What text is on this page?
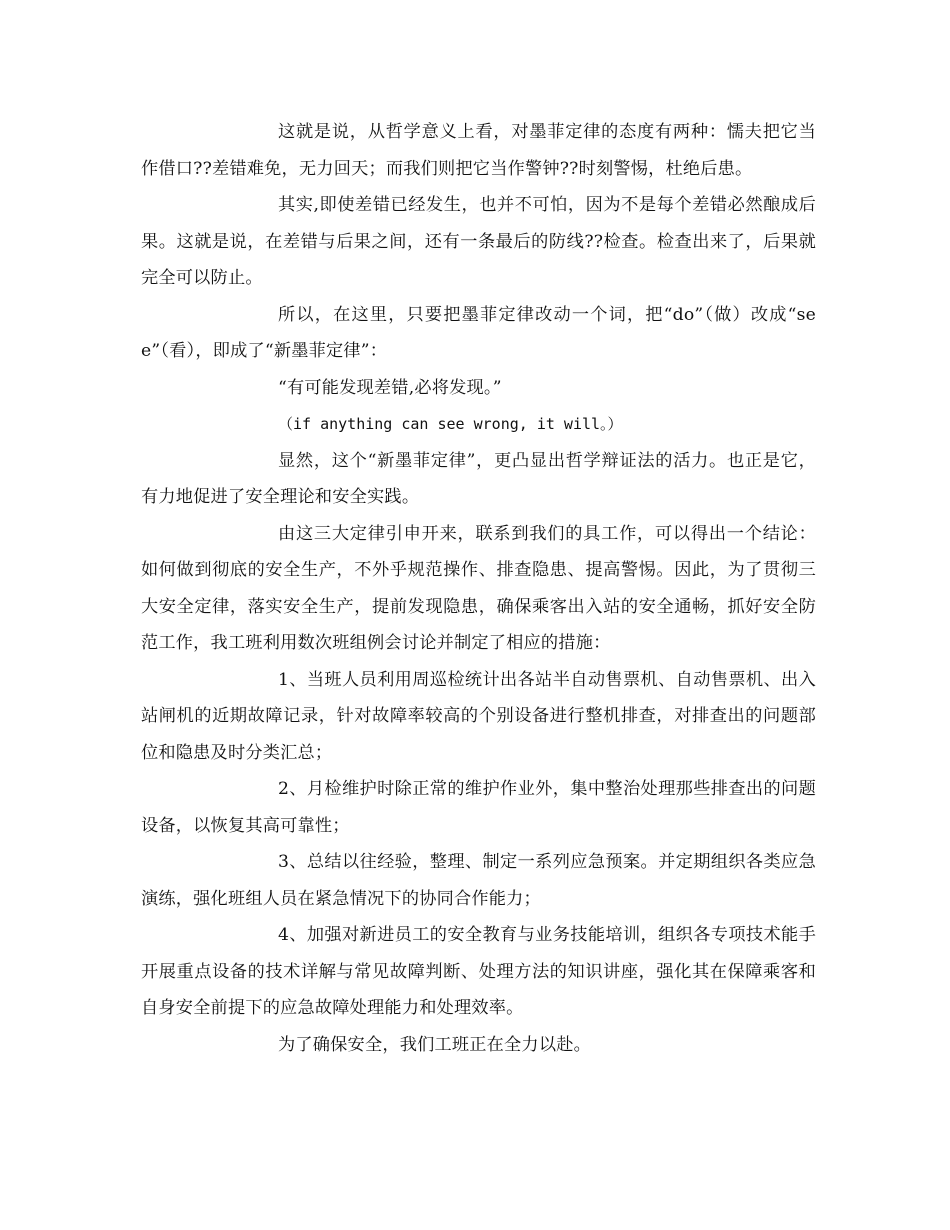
这就是说，从哲学意义上看，对墨菲定律的态度有两种：懦夫把它当作借口??差错难免，无力回天；而我们则把它当作警钟??时刻警惕，杜绝后患。

其实,即使差错已经发生，也并不可怕，因为不是每个差错必然酿成后果。这就是说，在差错与后果之间，还有一条最后的防线??检查。检查出来了，后果就完全可以防止。

所以，在这里，只要把墨菲定律改动一个词，把“do”（做）改成“see”（看），即成了“新墨菲定律”：

“有可能发现差错,必将发现。”

（if anything can see wrong, it will。）

显然，这个“新墨菲定律”，更凸显出哲学辩证法的活力。也正是它，有力地促进了安全理论和安全实践。

由这三大定律引申开来，联系到我们的具工作，可以得出一个结论：如何做到彻底的安全生产，不外乎规范操作、排查隐患、提高警惕。因此，为了贯彻三大安全定律，落实安全生产，提前发现隐患，确保乘客出入站的安全通畅，抓好安全防范工作，我工班利用数次班组例会讨论并制定了相应的措施：

1、当班人员利用周巡检统计出各站半自动售票机、自动售票机、出入站闸机的近期故障记录，针对故障率较高的个别设备进行整机排查，对排查出的问题部位和隐患及时分类汇总；

2、月检维护时除正常的维护作业外，集中整治处理那些排查出的问题设备，以恢复其高可靠性；

3、总结以往经验，整理、制定一系列应急预案。并定期组织各类应急演练，强化班组人员在紧急情况下的协同合作能力；

4、加强对新进员工的安全教育与业务技能培训，组织各专项技术能手开展重点设备的技术详解与常见故障判断、处理方法的知识讲座，强化其在保障乘客和自身安全前提下的应急故障处理能力和处理效率。

为了确保安全，我们工班正在全力以赴。
